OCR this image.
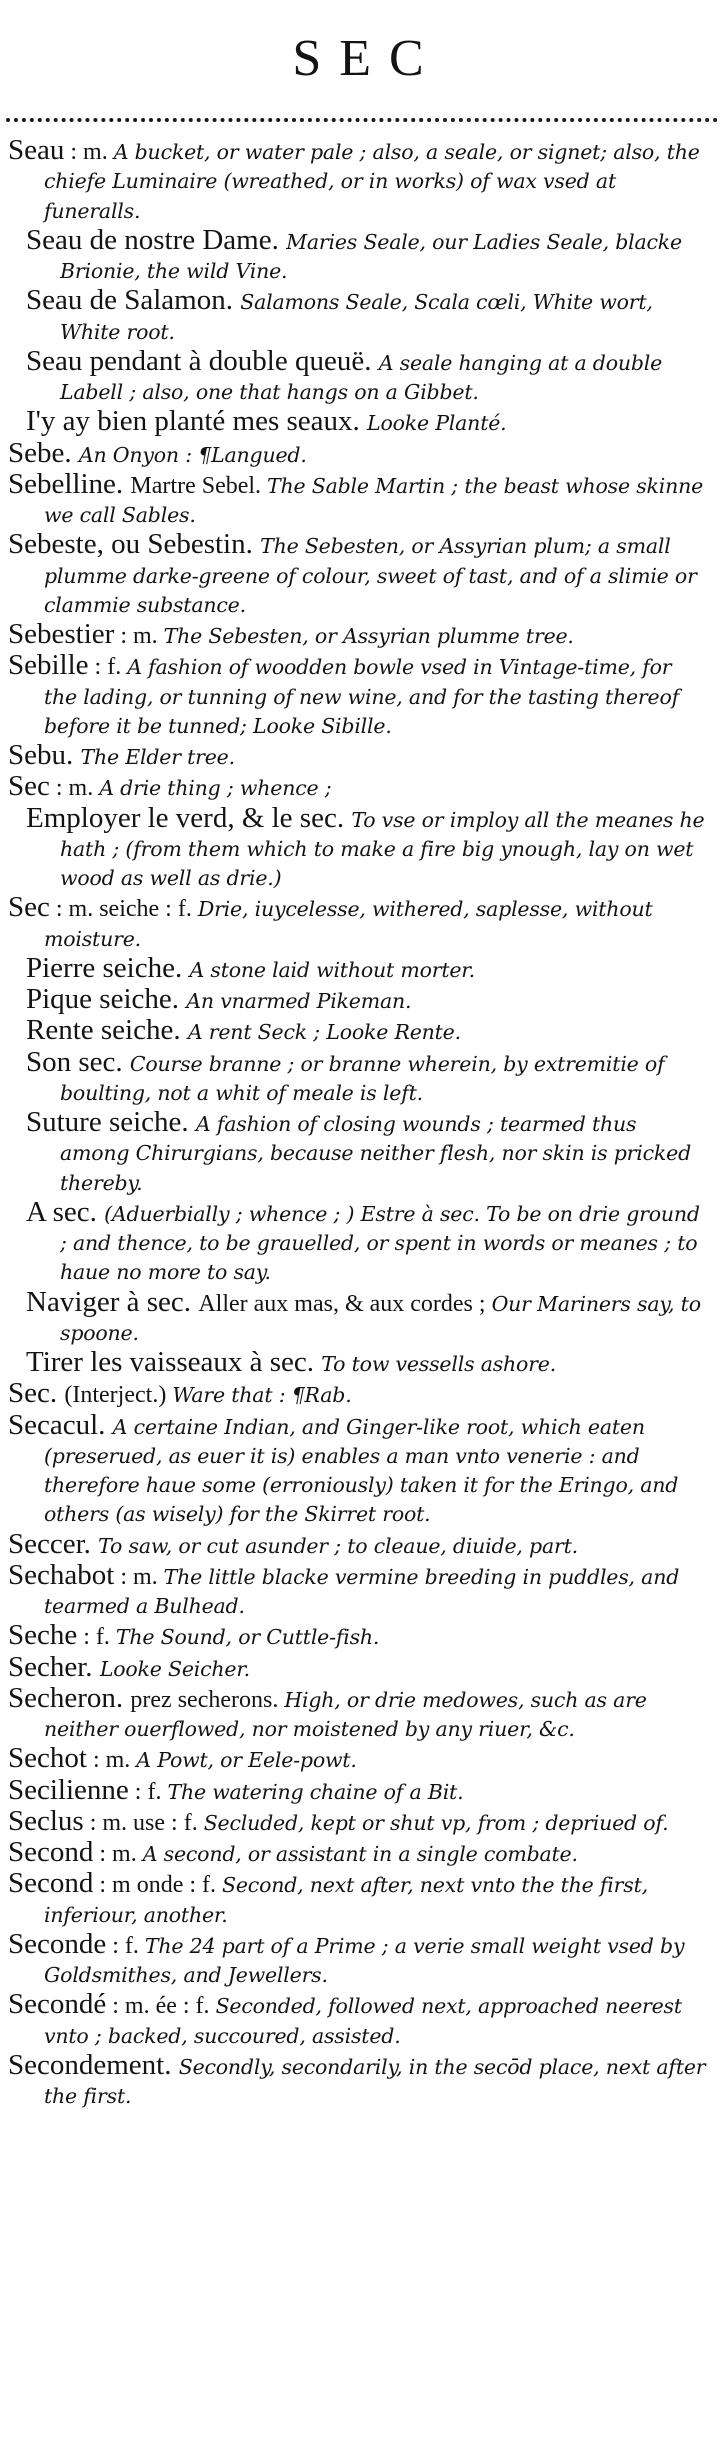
SEC

Seau : m. A bucket, or water pale ; also, a seale, or signet; also, the chiefe Luminaire (wreathed, or in works) of wax vsed at funeralls.

Seau de nostre Dame. Maries Seale, our Ladies Seale, blacke Brionie, the wild Vine.

Seau de Salamon. Salamons Seale, Scala cœli, White wort, White root.

Seau pendant à double queuë. A seale hanging at a double Labell ; also, one that hangs on a Gibbet.

I'y ay bien planté mes seaux. Looke Planté.

Sebe. An Onyon : ¶Langued.

Sebelline. Martre Sebel. The Sable Martin ; the beast whose skinne we call Sables.

Sebeste, ou Sebestin. The Sebesten, or Assyrian plum; a small plumme darke-greene of colour, sweet of tast, and of a slimie or clammie substance.

Sebestier : m. The Sebesten, or Assyrian plumme tree.

Sebille : f. A fashion of woodden bowle vsed in Vintage-time, for the lading, or tunning of new wine, and for the tasting thereof before it be tunned; Looke Sibille.

Sebu. The Elder tree.

Sec : m. A drie thing ; whence ;

Employer le verd, & le sec. To vse or imploy all the meanes he hath ; (from them which to make a fire big ynough, lay on wet wood as well as drie.)

Sec : m. seiche : f. Drie, iuycelesse, withered, saplesse, without moisture.

Pierre seiche. A stone laid without morter.

Pique seiche. An vnarmed Pikeman.

Rente seiche. A rent Seck ; Looke Rente.

Son sec. Course branne ; or branne wherein, by extremitie of boulting, not a whit of meale is left.

Suture seiche. A fashion of closing wounds ; tearmed thus among Chirurgians, because neither flesh, nor skin is pricked thereby.

A sec. (Aduerbially ; whence ; ) Estre à sec. To be on drie ground ; and thence, to be grauelled, or spent in words or meanes ; to haue no more to say.

Naviger à sec. Aller aux mas, & aux cordes ; Our Mariners say, to spoone.

Tirer les vaisseaux à sec. To tow vessells ashore.

Sec. (Interject.) Ware that : ¶Rab.

Secacul. A certaine Indian, and Ginger-like root, which eaten (preserued, as euer it is) enables a man vnto venerie : and therefore haue some (erroniously) taken it for the Eringo, and others (as wisely) for the Skirret root.

Seccer. To saw, or cut asunder ; to cleaue, diuide, part.

Sechabot : m. The little blacke vermine breeding in puddles, and tearmed a Bulhead.

Seche : f. The Sound, or Cuttle-fish.

Secher. Looke Seicher.

Secheron. prez secherons. High, or drie medowes, such as are neither ouerflowed, nor moistened by any riuer, &c.

Sechot : m. A Powt, or Eele-powt.

Secilienne : f. The watering chaine of a Bit.

Seclus : m. use : f. Secluded, kept or shut vp, from ; depriued of.

Second : m. A second, or assistant in a single combate.

Second : m onde : f. Second, next after, next vnto the the first, inferiour, another.

Seconde : f. The 24 part of a Prime ; a verie small weight vsed by Goldsmithes, and Jewellers.

Secondé : m. ée : f. Seconded, followed next, approached neerest vnto ; backed, succoured, assisted.

Secondement. Secondly, secondarily, in the secōd place, next after the first.
